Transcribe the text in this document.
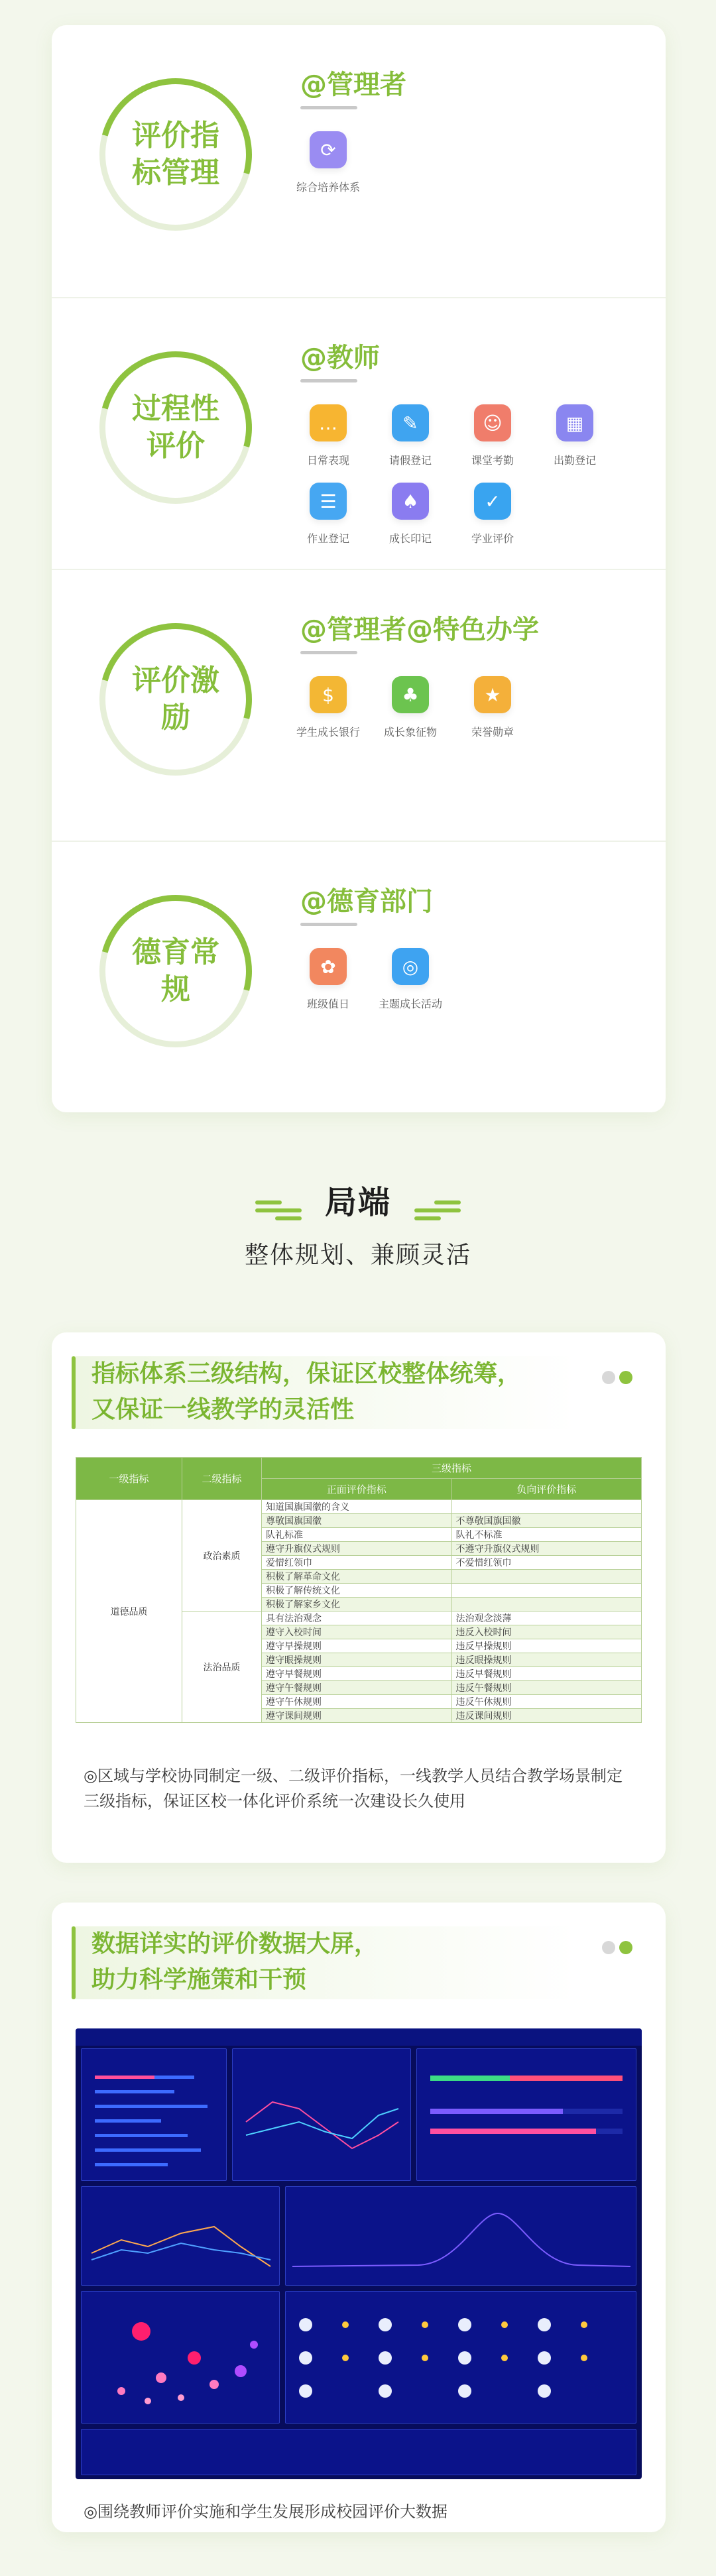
评价指标管理
@管理者
⟳
综合培养体系
过程性评价
@教师
…
日常表现
✎
请假登记
☺
课堂考勤
▦
出勤登记
☰
作业登记
♠
成长印记
✓
学业评价
评价激励
@管理者@特色办学
$
学生成长银行
♣
成长象征物
★
荣誉勋章
德育常规
@德育部门
✿
班级值日
◎
主题成长活动
局端
整体规划、兼顾灵活
指标体系三级结构，保证区校整体统筹，
又保证一线教学的灵活性
一级指标	二级指标	三级指标	
		正面评价指标	负向评价指标
道德品质	政治素质	知道国旗国徽的含义	
		尊敬国旗国徽	不尊敬国旗国徽
		队礼标准	队礼不标准
		遵守升旗仪式规则	不遵守升旗仪式规则
		爱惜红领巾	不爱惜红领巾
		积极了解革命文化	
		积极了解传统文化	
		积极了解家乡文化	
	法治品质	具有法治观念	法治观念淡薄
		遵守入校时间	违反入校时间
		遵守早操规则	违反早操规则
		遵守眼操规则	违反眼操规则
		遵守早餐规则	违反早餐规则
		遵守午餐规则	违反午餐规则
		遵守午休规则	违反午休规则
		遵守课间规则	违反课间规则
◎区域与学校协同制定一级、二级评价指标，一线教学人员结合教学场景制定三级指标，保证区校一体化评价系统一次建设长久使用
数据详实的评价数据大屏，
助力科学施策和干预
◎围绕教师评价实施和学生发展形成校园评价大数据
